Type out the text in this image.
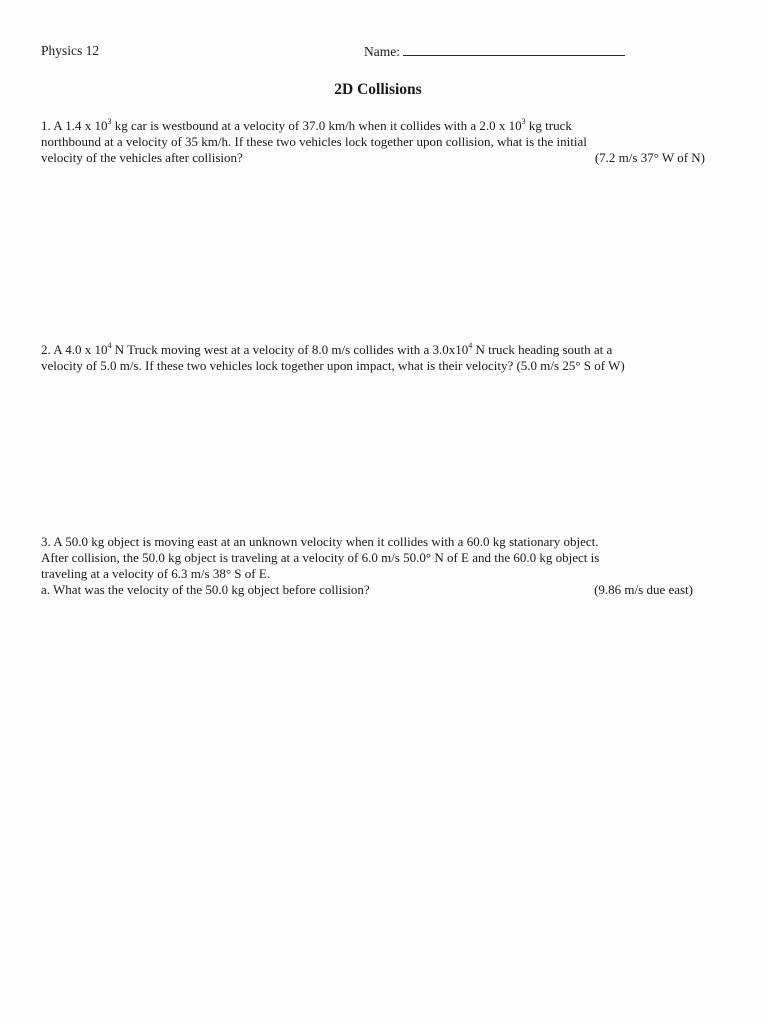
Physics 12	Name:
2D Collisions

1. A 1.4 x $10^3$ kg car is westbound at a velocity of 37.0 km/h when it collides with a 2.0 x $10^3$ kg truck

northbound at a velocity of 35 km/h. If these two vehicles lock together upon collision, what is the initial

velocity of the vehicles after collision?	(7.2 m/s 37° W of N)

2. A 4.0 x $10^4$ N Truck moving west at a velocity of 8.0 m/s collides with a $3.0x10^4$ N truck heading south at a

velocity of 5.0 m/s. If these two vehicles lock together upon impact, what is their velocity? (5.0 m/s 25° S of W)

3. A 50.0 kg object is moving east at an unknown velocity when it collides with a 60.0 kg stationary object.

After collision, the 50.0 kg object is traveling at a velocity of 6.0 m/s 50.0° N of E and the 60.0 kg object is

traveling at a velocity of 6.3 m/s 38° S of E.

a. What was the velocity of the 50.0 kg object before collision?	(9.86 m/s due east)
